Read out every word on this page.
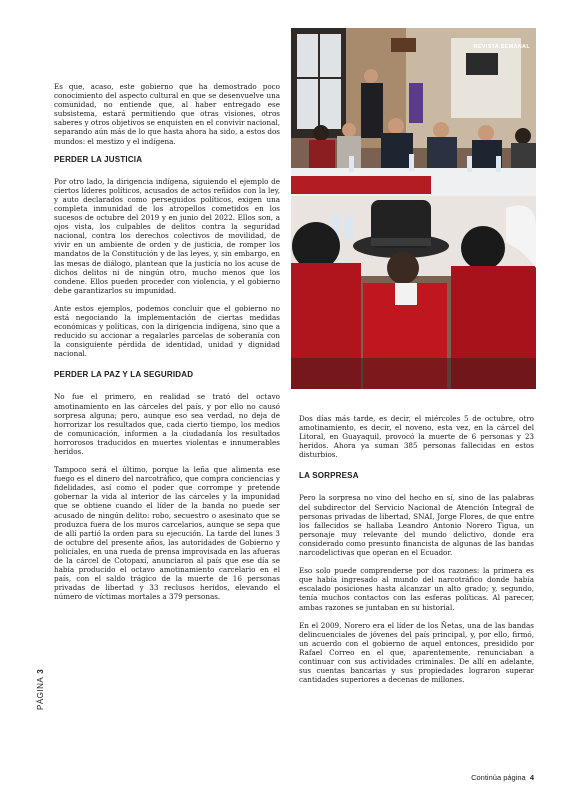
Es que, acaso, este gobierno que ha demostrado poco conocimiento del aspecto cultural en que se desenvuelve una comunidad, no entiende que, al haber entregado ese subsistema, estará permitiendo que otras visiones, otros saberes y otros objetivos se enquisten en el convivir nacional, separando aún más de lo que hasta ahora ha sido, a estos dos mundos: el mestizo y el indígena.

PERDER LA JUSTICIA

Por otro lado, la dirigencia indígena, siguiendo el ejemplo de ciertos líderes políticos, acusados de actos reñidos con la ley, y auto declarados como perseguidos políticos, exigen una completa inmunidad de los atropellos cometidos en los sucesos de octubre del 2019 y en junio del 2022. Ellos son, a ojos vista, los culpables de delitos contra la seguridad nacional, contra los derechos colectivos de movilidad, de vivir en un ambiente de orden y de justicia, de romper los mandatos de la Constitución y de las leyes, y, sin embargo, en las mesas de diálogo, plantean que la justicia no los acuse de dichos delitos ni de ningún otro, mucho menos que los condene. Ellos pueden proceder con violencia, y el gobierno debe garantizarlos su impunidad.

Ante estos ejemplos, podemos concluir que el gobierno no está negociando la implementación de ciertas medidas económicas y políticas, con la dirigencia indígena, sino que a reducido su accionar a regalarles parcelas de soberanía con la consiguiente pérdida de identidad, unidad y dignidad nacional.

PERDER LA PAZ Y LA SEGURIDAD

No fue el primero, en realidad se trató del octavo amotinamiento en las cárceles del país, y por ello no causó sorpresa alguna; pero, aunque eso sea verdad, no deja de horrorizar los resultados que, cada cierto tiempo, los medios de comunicación, informen a la ciudadanía los resultados horrorosos traducidos en muertes violentas e innumerables heridos.

Tampoco será el último, porque la leña que alimenta ese fuego es el dinero del narcotráfico, que compra conciencias y fidelidades, así como el poder que corrompe y pretende gobernar la vida al interior de las cárceles y la impunidad que se obtiene cuando el líder de la banda no puede ser acusado de ningún delito: robo, secuestro o asesinato que se produzca fuera de los muros carcelarios, aunque se sepa que de allí partió la orden para su ejecución. La tarde del lunes 3 de octubre del presente años, las autoridades de Gobierno y policiales, en una rueda de prensa improvisada en las afueras de la cárcel de Cotopaxi, anunciaron al país que ese día se había producido el octavo amotinamiento carcelario en el país, con el saldo trágico de la muerte de 16 personas privadas de libertad y 33 reclusos heridos, elevando el número de víctimas mortales a 379 personas.

REVISTA SEMANAL

Dos días más tarde, es decir, el miércoles 5 de octubre, otro amotinamiento, es decir, el noveno, esta vez, en la cárcel del Litoral, en Guayaquil, provocó la muerte de 6 personas y 23 heridos. Ahora ya suman 385 personas fallecidas en estos disturbios.

LA SORPRESA

Pero la sorpresa no vino del hecho en sí, sino de las palabras del subdirector del Servicio Nacional de Atención Integral de personas privadas de libertad, SNAI, Jorge Flores, de que entre los fallecidos se hallaba Leandro Antonio Norero Tigua, un personaje muy relevante del mundo delictivo, donde era considerado como presunto financista de algunas de las bandas narcodelictivas que operan en el Ecuador.

Eso solo puede comprenderse por dos razones: la primera es que había ingresado al mundo del narcotráfico donde había escalado posiciones hasta alcanzar un alto grado; y, segundo, tenía muchos contactos con las esferas políticas. Al parecer, ambas razones se juntaban en su historial.

En el 2009, Norero era el líder de los Ñetas, una de las bandas delincuenciales de jóvenes del país principal, y, por ello, firmó, un acuerdo con el gobierno de aquel entonces, presidido por Rafael Correo en el que, aparentemente, renunciaban a continuar con sus actividades criminales. De allí en adelante, sus cuentas bancarias y sus propiedades lograron superar cantidades superiores a decenas de millones.

PÁGINA3
Continúa página 4
